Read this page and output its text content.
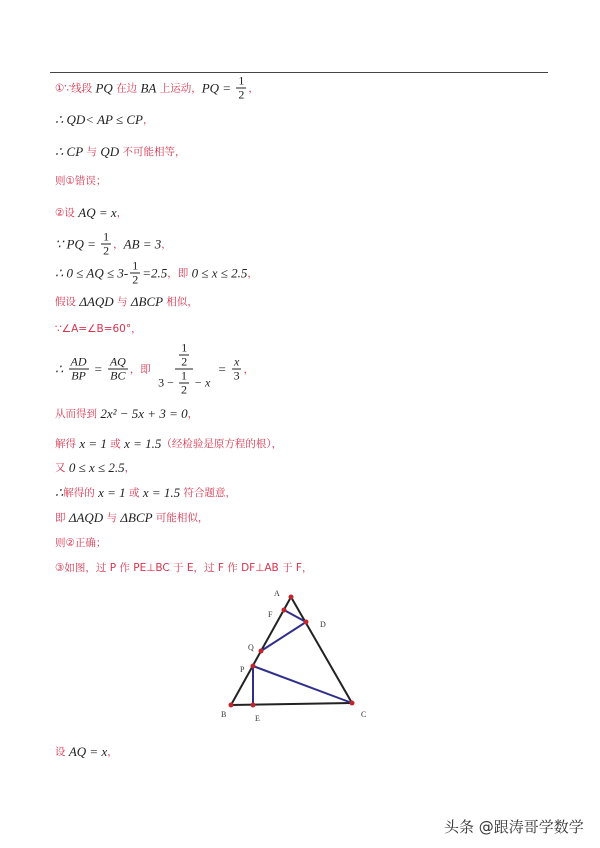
①∵线段 PQ 在边 BA 上运动， PQ = $\frac{1}{2}$ ，
∴ QD< AP ≤ CP ，
∴ CP 与 QD 不可能相等，
则①错误；
②设 AQ = x ，
∵ PQ = $\frac{1}{2}$ ， AB = 3 ，
∴ 0 ≤ AQ ≤ $3- \frac{1}{2} =2.5$ ，即 0 ≤ x ≤ 2.5 ，
假设 ΔAQD 与 ΔBCP 相似，
∵∠A=∠B=60°，
∴ $\frac{AD}{BP} = \frac{AQ}{BC}$ ，即 $\frac{\frac{1}{2}}{3 - \frac{1}{2} - x} = \frac{x}{3}$ ，
从而得到 2x² − 5x + 3 = 0 ，
解得 x = 1 或 x = 1.5 （经检验是原方程的根），
又 0 ≤ x ≤ 2.5 ，
∴ 解得的 x = 1 或 x = 1.5 符合题意，
即 ΔAQD 与 ΔBCP 可能相似，
则②正确；
③如图，过 P 作 PE⊥BC 于 E，过 F 作 DF⊥AB 于 F，
设 AQ = x ，
A
F
D
Q
P
B	E	C
头条 @跟涛哥学数学
